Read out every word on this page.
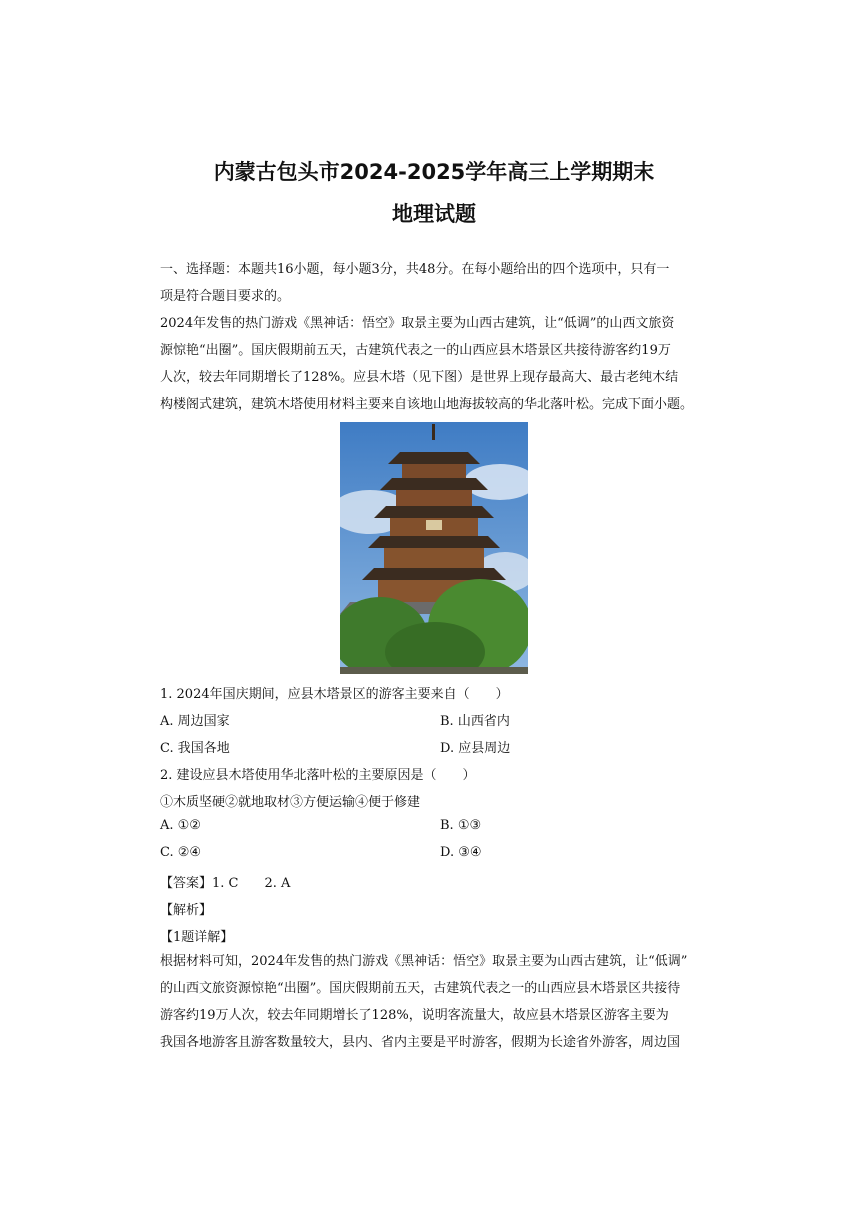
内蒙古包头市2024-2025学年高三上学期期末
地理试题
一、选择题：本题共16小题，每小题3分，共48分。在每小题给出的四个选项中，只有一
项是符合题目要求的。
2024年发售的热门游戏《黑神话：悟空》取景主要为山西古建筑，让“低调”的山西文旅资
源惊艳“出圈”。国庆假期前五天，古建筑代表之一的山西应县木塔景区共接待游客约19万
人次，较去年同期增长了128%。应县木塔（见下图）是世界上现存最高大、最古老纯木结
构楼阁式建筑，建筑木塔使用材料主要来自该地山地海拔较高的华北落叶松。完成下面小题。
1. 2024年国庆期间，应县木塔景区的游客主要来自（　　）
A. 周边国家	B. 山西省内
C. 我国各地	D. 应县周边
2. 建设应县木塔使用华北落叶松的主要原因是（　　）
①木质坚硬②就地取材③方便运输④便于修建
A. ①②	B. ①③
C. ②④	D. ③④
【答案】1. C　　2. A
【解析】
【1题详解】
根据材料可知，2024年发售的热门游戏《黑神话：悟空》取景主要为山西古建筑，让“低调”
的山西文旅资源惊艳“出圈”。国庆假期前五天，古建筑代表之一的山西应县木塔景区共接待
游客约19万人次，较去年同期增长了128%，说明客流量大，故应县木塔景区游客主要为
我国各地游客且游客数量较大，县内、省内主要是平时游客，假期为长途省外游客，周边国
